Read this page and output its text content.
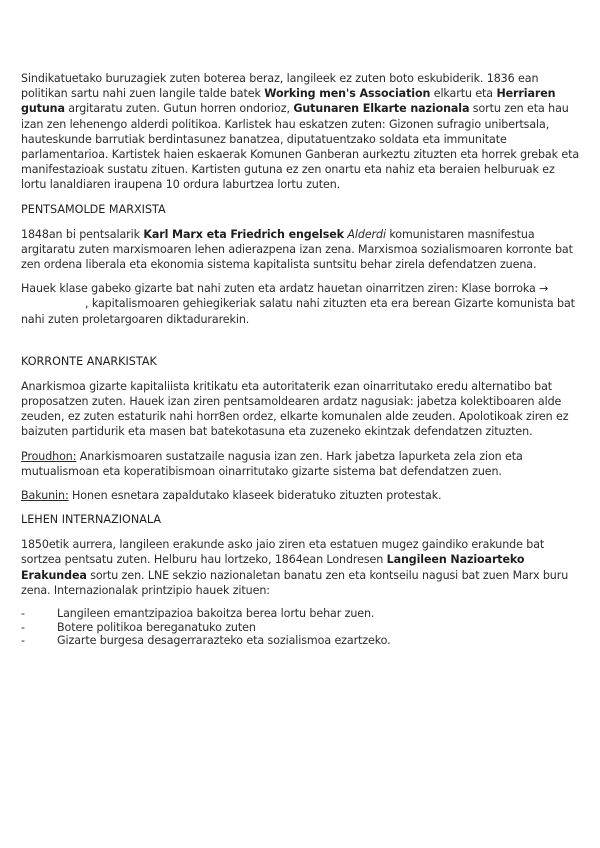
Sindikatuetako buruzagiek zuten boterea beraz, langileek ez zuten boto eskubiderik. 1836 ean politikan sartu nahi zuen langile talde batek Working men's Association elkartu eta Herriaren gutuna argitaratu zuten. Gutun horren ondorioz, Gutunaren Elkarte nazionala sortu zen eta hau izan zen lehenengo alderdi politikoa. Karlistek hau eskatzen zuten: Gizonen sufragio unibertsala, hauteskunde barrutiak berdintasunez banatzea, diputatuentzako soldata eta immunitate parlamentarioa. Kartistek haien eskaerak Komunen Ganberan aurkeztu zituzten eta horrek grebak eta manifestazioak sustatu zituen. Kartisten gutuna ez zen onartu eta nahiz eta beraien helburuak ez lortu lanaldiaren iraupena 10 ordura laburtzea lortu zuten.

PENTSAMOLDE MARXISTA

1848an bi pentsalarik Karl Marx eta Friedrich engelsek Alderdi komunistaren masnifestua argitaratu zuten marxismoaren lehen adierazpena izan zena. Marxismoa sozialismoaren korronte bat zen ordena liberala eta ekonomia sistema kapitalista suntsitu behar zirela defendatzen zuena.

Hauek klase gabeko gizarte bat nahi zuten eta ardatz hauetan oinarritzen ziren: Klase borroka →, kapitalismoaren gehiegikeriak salatu nahi zituzten eta era berean Gizarte komunista bat nahi zuten proletargoaren diktadurarekin.

KORRONTE ANARKISTAK

Anarkismoa gizarte kapitaliista kritikatu eta autoritaterik ezan oinarritutako eredu alternatibo bat proposatzen zuten. Hauek izan ziren pentsamoldearen ardatz nagusiak: jabetza kolektiboaren alde zeuden, ez zuten estaturik nahi horr8en ordez, elkarte komunalen alde zeuden. Apolotikoak ziren ez baizuten partidurik eta masen bat batekotasuna eta zuzeneko ekintzak defendatzen zituzten.

Proudhon: Anarkismoaren sustatzaile nagusia izan zen. Hark jabetza lapurketa zela zion eta mutualismoan eta koperatibismoan oinarritutako gizarte sistema bat defendatzen zuen.

Bakunin: Honen esnetara zapaldutako klaseek bideratuko zituzten protestak.

LEHEN INTERNAZIONALA

1850etik aurrera, langileen erakunde asko jaio ziren eta estatuen mugez gaindiko erakunde bat sortzea pentsatu zuten. Helburu hau lortzeko, 1864ean Londresen Langileen Nazioarteko Erakundea sortu zen. LNE sekzio nazionaletan banatu zen eta kontseilu nagusi bat zuen Marx buru zena. Internazionalak printzipio hauek zituen:

- Langileen emantzipazioa bakoitza berea lortu behar zuen.
- Botere politikoa bereganatuko zuten
- Gizarte burgesa desagerrarazteko eta sozialismoa ezartzeko.
